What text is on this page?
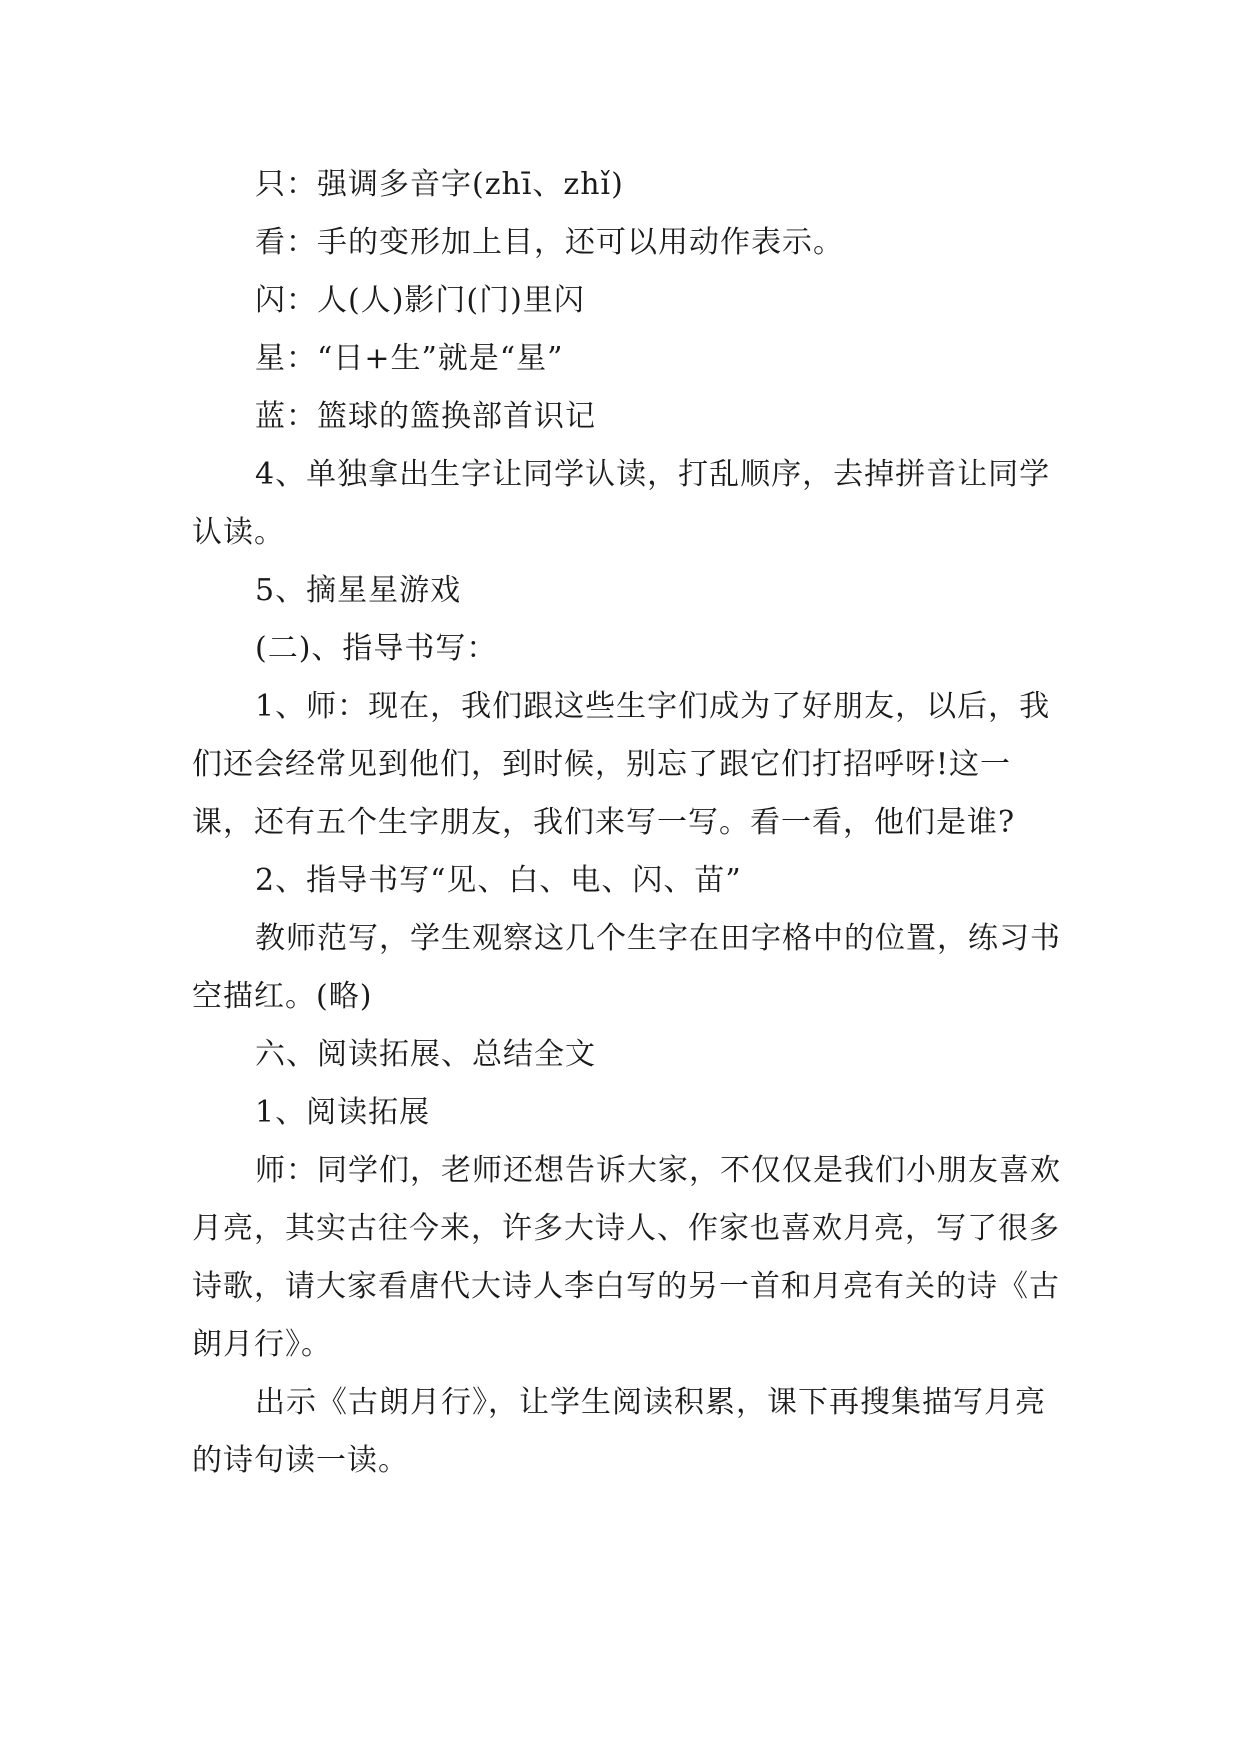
只：强调多音字(zhī、zhǐ)

看：手的变形加上目，还可以用动作表示。

闪：人(人)影门(门)里闪

星：“日+生”就是“星”

蓝：篮球的篮换部首识记

4、单独拿出生字让同学认读，打乱顺序，去掉拼音让同学认读。

5、摘星星游戏

(二)、指导书写：

1、师：现在，我们跟这些生字们成为了好朋友，以后，我们还会经常见到他们，到时候，别忘了跟它们打招呼呀!这一课，还有五个生字朋友，我们来写一写。看一看，他们是谁?

2、指导书写“见、白、电、闪、苗”

教师范写，学生观察这几个生字在田字格中的位置，练习书空描红。(略)

六、阅读拓展、总结全文

1、阅读拓展

师：同学们，老师还想告诉大家，不仅仅是我们小朋友喜欢月亮，其实古往今来，许多大诗人、作家也喜欢月亮，写了很多诗歌，请大家看唐代大诗人李白写的另一首和月亮有关的诗《古朗月行》。

出示《古朗月行》，让学生阅读积累，课下再搜集描写月亮的诗句读一读。
